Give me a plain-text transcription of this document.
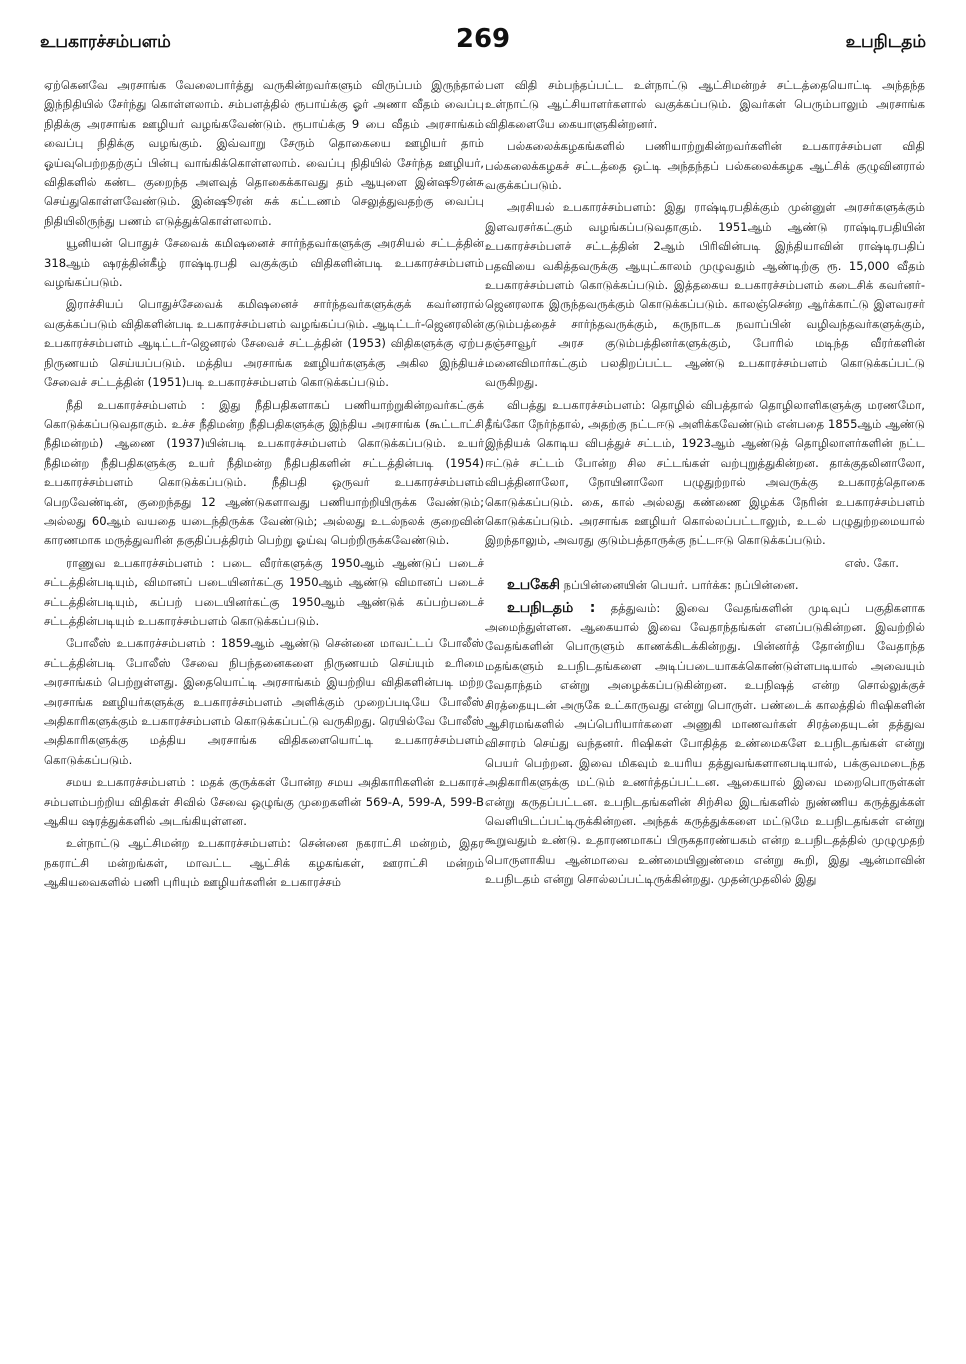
உபகாரச்சம்பளம்	269	உபநிடதம்

ஏற்கெனவே அரசாங்க வேலைபார்த்து வருகின்றவர்களும் விருப்பம் இருந்தால் இந்நிதியில் சேர்ந்து கொள்ளலாம். சம்பளத்தில் ரூபாய்க்கு ஓர் அணா வீதம் வைப்பு நிதிக்கு அரசாங்க ஊழியர் வழங்கவேண்டும். ரூபாய்க்கு 9 பை வீதம் அரசாங்கம் வைப்பு நிதிக்கு வழங்கும். இவ்வாறு சேரும் தொகையை ஊழியர் தாம் ஓய்வுபெற்றதற்குப் பின்பு வாங்கிக்கொள்ளலாம். வைப்பு நிதியில் சேர்ந்த ஊழியர், விதிகளில் கண்ட குறைந்த அளவுத் தொகைக்காவது தம் ஆயுளை இன்ஷூரன்சு செய்துகொள்ளவேண்டும். இன்ஷூரன் சுக் கட்டணம் செலுத்துவதற்கு வைப்பு நிதியிலிருந்து பணம் எடுத்துக்கொள்ளலாம்.

யூனியன் பொதுச் சேவைக் கமிஷனைச் சார்ந்தவர்களுக்கு அரசியல் சட்டத்தின் 318ஆம் ஷரத்தின்கீழ் ராஷ்டிரபதி வகுக்கும் விதிகளின்படி உபகாரச்சம்பளம் வழங்கப்படும்.

இராச்சியப் பொதுச்சேவைக் கமிஷனைச் சார்ந்தவர்களுக்குக் கவர்னரால் வகுக்கப்படும் விதிகளின்படி உபகாரச்சம்பளம் வழங்கப்படும். ஆடிட்டர்-ஜெனரலின் உபகாரச்சம்பளம் ஆடிட்டர்-ஜெனரல் சேவைச் சட்டத்தின் (1953) விதிகளுக்கு ஏற்ப நிருணயம் செய்யப்படும். மத்திய அரசாங்க ஊழியர்களுக்கு அகில இந்தியச் சேவைச் சட்டத்தின் (1951)படி உபகாரச்சம்பளம் கொடுக்கப்படும்.

நீதி உபகாரச்சம்பளம் : இது நீதிபதிகளாகப் பணியாற்றுகின்றவர்கட்குக் கொடுக்கப்படுவதாகும். உச்ச நீதிமன்ற நீதிபதிகளுக்கு இந்திய அரசாங்க (கூட்டாட்சி நீதிமன்றம்) ஆணை (1937)யின்படி உபகாரச்சம்பளம் கொடுக்கப்படும். உயர் நீதிமன்ற நீதிபதிகளுக்கு உயர் நீதிமன்ற நீதிபதிகளின் சட்டத்தின்படி (1954) உபகாரச்சம்பளம் கொடுக்கப்படும். நீதிபதி ஒருவர் உபகாரச்சம்பளம் பெறவேண்டின், குறைந்தது 12 ஆண்டுகளாவது பணியாற்றியிருக்க வேண்டும்; அல்லது 60ஆம் வயதை யடைந்திருக்க வேண்டும்; அல்லது உடல்நலக் குறைவின் காரணமாக மருத்துவரின் தகுதிப்பத்திரம் பெற்று ஓய்வு பெற்றிருக்கவேண்டும்.

ராணுவ உபகாரச்சம்பளம் : படை வீரர்களுக்கு 1950ஆம் ஆண்டுப் படைச் சட்டத்தின்படியும், விமானப் படையினர்கட்கு 1950ஆம் ஆண்டு விமானப் படைச் சட்டத்தின்படியும், கப்பற் படையினர்கட்கு 1950ஆம் ஆண்டுக் கப்பற்படைச் சட்டத்தின்படியும் உபகாரச்சம்பளம் கொடுக்கப்படும்.

போலீஸ் உபகாரச்சம்பளம் : 1859ஆம் ஆண்டு சென்னை மாவட்டப் போலீஸ் சட்டத்தின்படி போலீஸ் சேவை நிபந்தனைகளை நிருணயம் செய்யும் உரிமை அரசாங்கம் பெற்றுள்ளது. இதையொட்டி அரசாங்கம் இயற்றிய விதிகளின்படி மற்ற அரசாங்க ஊழியர்களுக்கு உபகாரச்சம்பளம் அளிக்கும் முறைப்படியே போலீஸ் அதிகாரிகளுக்கும் உபகாரச்சம்பளம் கொடுக்கப்பட்டு வருகிறது. ரெயில்வே போலீஸ் அதிகாரிகளுக்கு மத்திய அரசாங்க விதிகளையொட்டி உபகாரச்சம்பளம் கொடுக்கப்படும்.

சமய உபகாரச்சம்பளம் : மதக் குருக்கள் போன்ற சமய அதிகாரிகளின் உபகாரச் சம்பளம்பற்றிய விதிகள் சிவில் சேவை ஒழுங்கு முறைகளின் 569-A, 599-A, 599-B ஆகிய ஷரத்துக்களில் அடங்கியுள்ளன.

உள்நாட்டு ஆட்சிமன்ற உபகாரச்சம்பளம்: சென்னை நகராட்சி மன்றம், இதர நகராட்சி மன்றங்கள், மாவட்ட ஆட்சிக் கழகங்கள், ஊராட்சி மன்றம் ஆகியவைகளில் பணி புரியும் ஊழியர்களின் உபகாரச்சம்

பள விதி சம்பந்தப்பட்ட உள்நாட்டு ஆட்சிமன்றச் சட்டத்தையொட்டி அந்தந்த உள்நாட்டு ஆட்சியாளர்களால் வகுக்கப்படும். இவர்கள் பெரும்பாலும் அரசாங்க விதிகளையே கையாளுகின்றனர்.

பல்கலைக்கழகங்களில் பணியாற்றுகின்றவர்களின் உபகாரச்சம்பள விதி பல்கலைக்கழகச் சட்டத்தை ஒட்டி அந்தந்தப் பல்கலைக்கழக ஆட்சிக் குழுவினரால் வகுக்கப்படும்.

அரசியல் உபகாரச்சம்பளம்: இது ராஷ்டிரபதிக்கும் முன்னுள் அரசர்களுக்கும் இளவரசர்கட்கும் வழங்கப்படுவதாகும். 1951ஆம் ஆண்டு ராஷ்டிரபதியின் உபகாரச்சம்பளச் சட்டத்தின் 2ஆம் பிரிவின்படி இந்தியாவின் ராஷ்டிரபதிப் பதவியை வகித்தவருக்கு ஆயுட்காலம் முழுவதும் ஆண்டிற்கு ரூ. 15,000 வீதம் உபகாரச்சம்பளம் கொடுக்கப்படும். இத்தகைய உபகாரச்சம்பளம் கடைசிக் கவர்னர்-ஜெனரலாக இருந்தவருக்கும் கொடுக்கப்படும். காலஞ்சென்ற ஆர்க்காட்டு இளவரசர் குடும்பத்தைச் சார்ந்தவருக்கும், கருநாடக நவாப்பின் வழிவந்தவர்களுக்கும், தஞ்சாவூர் அரச குடும்பத்தினர்களுக்கும், போரில் மடிந்த வீரர்களின் மனைவிமார்கட்கும் பலதிறப்பட்ட ஆண்டு உபகாரச்சம்பளம் கொடுக்கப்பட்டு வருகிறது.

விபத்து உபகாரச்சம்பளம்: தொழில் விபத்தால் தொழிலாளிகளுக்கு மரணமோ, தீங்கோ நேர்ந்தால், அதற்கு நட்டஈடு அளிக்கவேண்டும் என்பதை 1855ஆம் ஆண்டு இந்தியக் கொடிய விபத்துச் சட்டம், 1923ஆம் ஆண்டுத் தொழிலாளர்களின் நட்ட ஈட்டுச் சட்டம் போன்ற சில சட்டங்கள் வற்புறுத்துகின்றன. தாக்குதலினாலோ, விபத்தினாலோ, நோயினாலோ பழுதுற்றால் அவருக்கு உபகாரத்தொகை கொடுக்கப்படும். கை, கால் அல்லது கண்ணை இழக்க நேரின் உபகாரச்சம்பளம் கொடுக்கப்படும். அரசாங்க ஊழியர் கொல்லப்பட்டாலும், உடல் பழுதுற்றமையால் இறந்தாலும், அவரது குடும்பத்தாருக்கு நட்டஈடு கொடுக்கப்படும்.

எஸ். கோ.

உபகேசி நப்பின்னையின் பெயர். பார்க்க: நப்பின்னை.

உபநிடதம் : தத்துவம்: இவை வேதங்களின் முடிவுப் பகுதிகளாக அமைந்துள்ளன. ஆகையால் இவை வேதாந்தங்கள் எனப்படுகின்றன. இவற்றில் வேதங்களின் பொருளும் காணக்கிடக்கின்றது. பின்னர்த் தோன்றிய வேதாந்த மதங்களும் உபநிடதங்களை அடிப்படையாகக்கொண்டுள்ளபடியால் அவையும் வேதாந்தம் என்று அழைக்கப்படுகின்றன. உபநிஷத் என்ற சொல்லுக்குச் சிரத்தையுடன் அருகே உட்காருவது என்று பொருள். பண்டைக் காலத்தில் ரிஷிகளின் ஆசிரமங்களில் அப்பெரியார்களை அணுகி மாணவர்கள் சிரத்தையுடன் தத்துவ விசாரம் செய்து வந்தனர். ரிஷிகள் போதித்த உண்மைகளே உபநிடதங்கள் என்று பெயர் பெற்றன. இவை மிகவும் உயரிய தத்துவங்களானபடியால், பக்குவமடைந்த அதிகாரிகளுக்கு மட்டும் உணர்த்தப்பட்டன. ஆகையால் இவை மறைபொருள்கள் என்று கருதப்பட்டன. உபநிடதங்களின் சிற்சில இடங்களில் நுண்ணிய கருத்துக்கள் வெளியிடப்பட்டிருக்கின்றன. அந்தக் கருத்துக்களை மட்டுமே உபநிடதங்கள் என்று கூறுவதும் உண்டு. உதாரணமாகப் பிருகதாரண்யகம் என்ற உபநிடதத்தில் முழுமுதற் பொருளாகிய ஆன்மாவை உண்மையினுண்மை என்று கூறி, இது ஆன்மாவின் உபநிடதம் என்று சொல்லப்பட்டிருக்கின்றது. முதன்முதலில் இது
